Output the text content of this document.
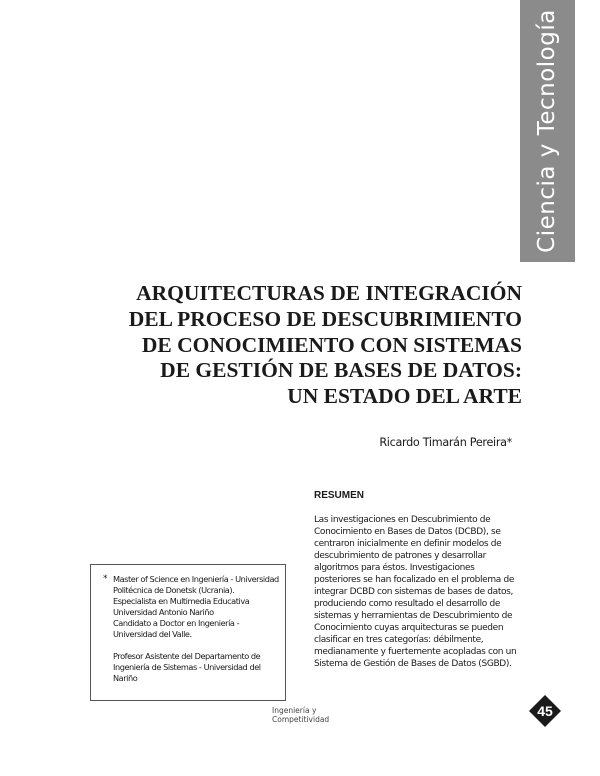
Ciencia y Tecnología
ARQUITECTURAS DE INTEGRACIÓN
DEL PROCESO DE DESCUBRIMIENTO
DE CONOCIMIENTO CON SISTEMAS
DE GESTIÓN DE BASES DE DATOS:
UN ESTADO DEL ARTE
Ricardo Timarán Pereira*
RESUMEN
Las investigaciones en Descubrimiento de
Conocimiento en Bases de Datos (DCBD), se
centraron inicialmente en definir modelos de
descubrimiento de patrones y desarrollar
algoritmos para éstos. Investigaciones
posteriores se han focalizado en el problema de
integrar DCBD con sistemas de bases de datos,
produciendo como resultado el desarrollo de
sistemas y herramientas de Descubrimiento de
Conocimiento cuyas arquitecturas se pueden
clasificar en tres categorías: débilmente,
medianamente y fuertemente acopladas con un
Sistema de Gestión de Bases de Datos (SGBD).
* Master of Science en Ingeniería - Universidad
Politécnica de Donetsk (Ucrania).
Especialista en Multimedia Educativa
Universidad Antonio Nariño
Candidato a Doctor en Ingeniería -
Universidad del Valle.
Profesor Asistente del Departamento de
Ingeniería de Sistemas - Universidad del
Nariño
Ingeniería y
Competitividad
45
